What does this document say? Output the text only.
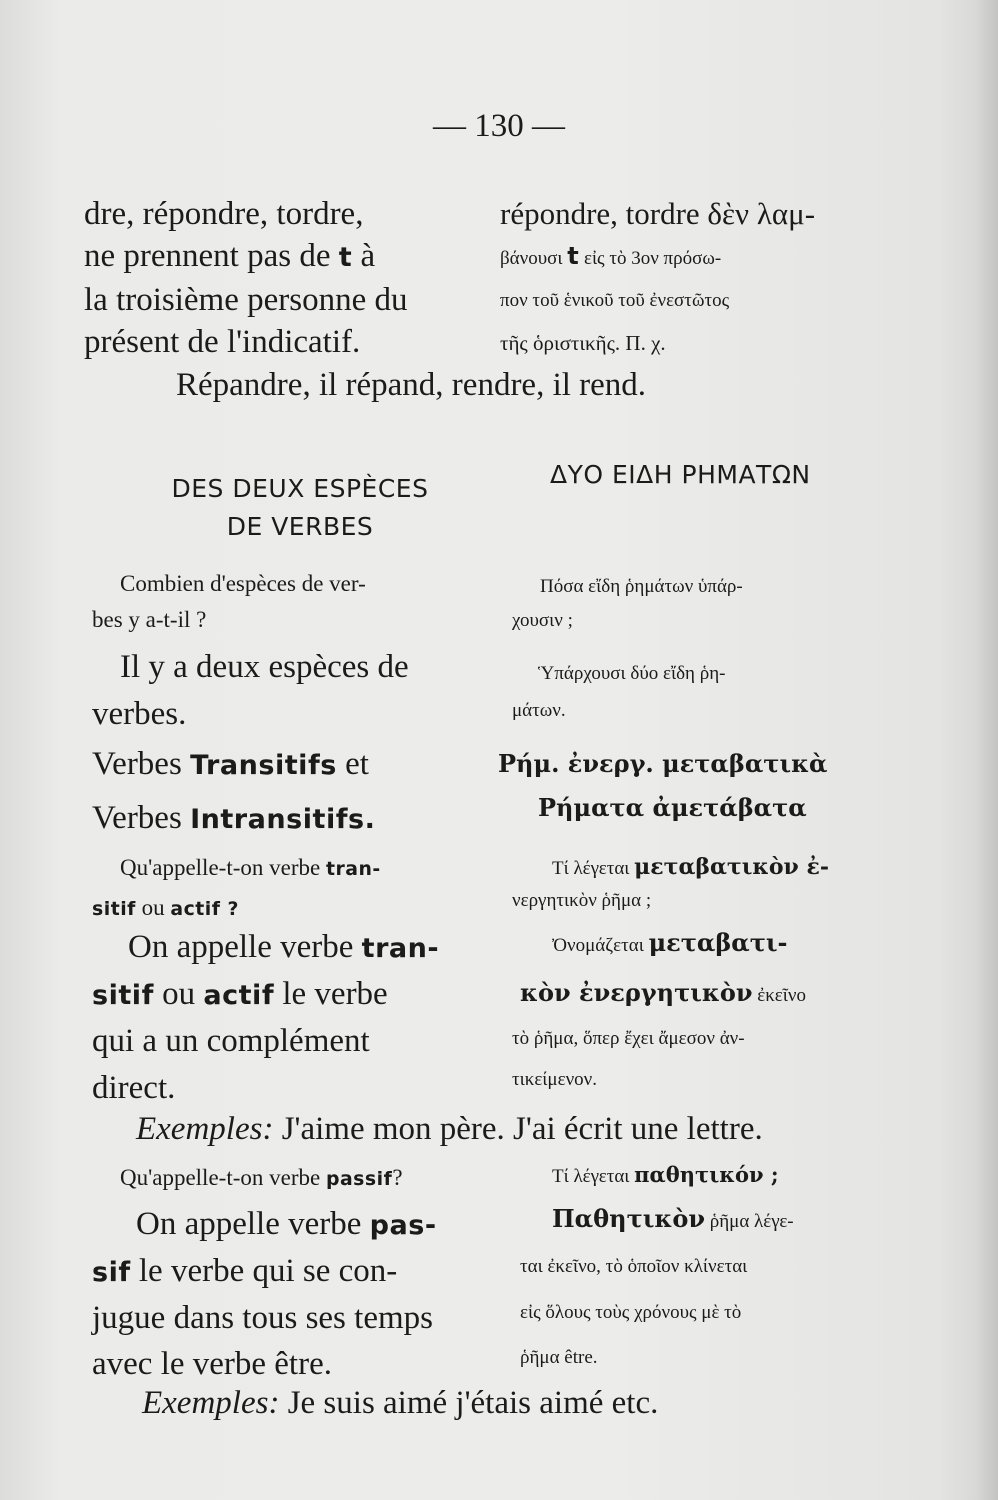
— 130 —
dre, répondre, tordre,
ne prennent pas de t à
la troisième personne du
présent de l'indicatif.
répondre, tordre δὲν λαμ-
βάνουσι t εἰς τὸ 3ον πρόσω-
πον τοῦ ἑνικοῦ τοῦ ἐνεστῶτος
τῆς ὁριστικῆς. Π. χ.
Répandre, il répand, rendre, il rend.
DES DEUX ESPÈCES
DE VERBES
ΔΥΟ ΕΙΔΗ ΡΗΜΑΤΩΝ
Combien d'espèces de ver-
bes y a-t-il ?
Πόσα εἴδη ῥημάτων ὑπάρ-
χουσιν ;
Il y a deux espèces de
verbes.
Verbes Transitifs et
Verbes Intransitifs.
Ὑπάρχουσι δύο εἴδη ῥη-
μάτων.
Ρήμ. ἐνεργ. μεταβατικὰ
Ρήματα ἀμετάβατα
Qu'appelle-t-on verbe tran-
sitif ou actif ?
Τί λέγεται μεταβατικὸν ἐ-
νεργητικὸν ῥῆμα ;
On appelle verbe tran-
sitif ou actif le verbe
qui a un complément
direct.
Ὀνομάζεται μεταβατι-
κὸν ἐνεργητικὸν ἐκεῖνο
τὸ ῥῆμα, ὅπερ ἔχει ἄμεσον ἀν-
τικείμενον.
Exemples: J'aime mon père. J'ai écrit une lettre.
Qu'appelle-t-on verbe passif?	Τί λέγεται παθητικόν ;
On appelle verbe pas-
sif le verbe qui se con-
jugue dans tous ses temps
avec le verbe être.
Παθητικὸν ῥῆμα λέγε-
ται ἐκεῖνο, τὸ ὁποῖον κλίνεται
εἰς ὅλους τοὺς χρόνους μὲ τὸ
ῥῆμα être.
Exemples: Je suis aimé j'étais aimé etc.
